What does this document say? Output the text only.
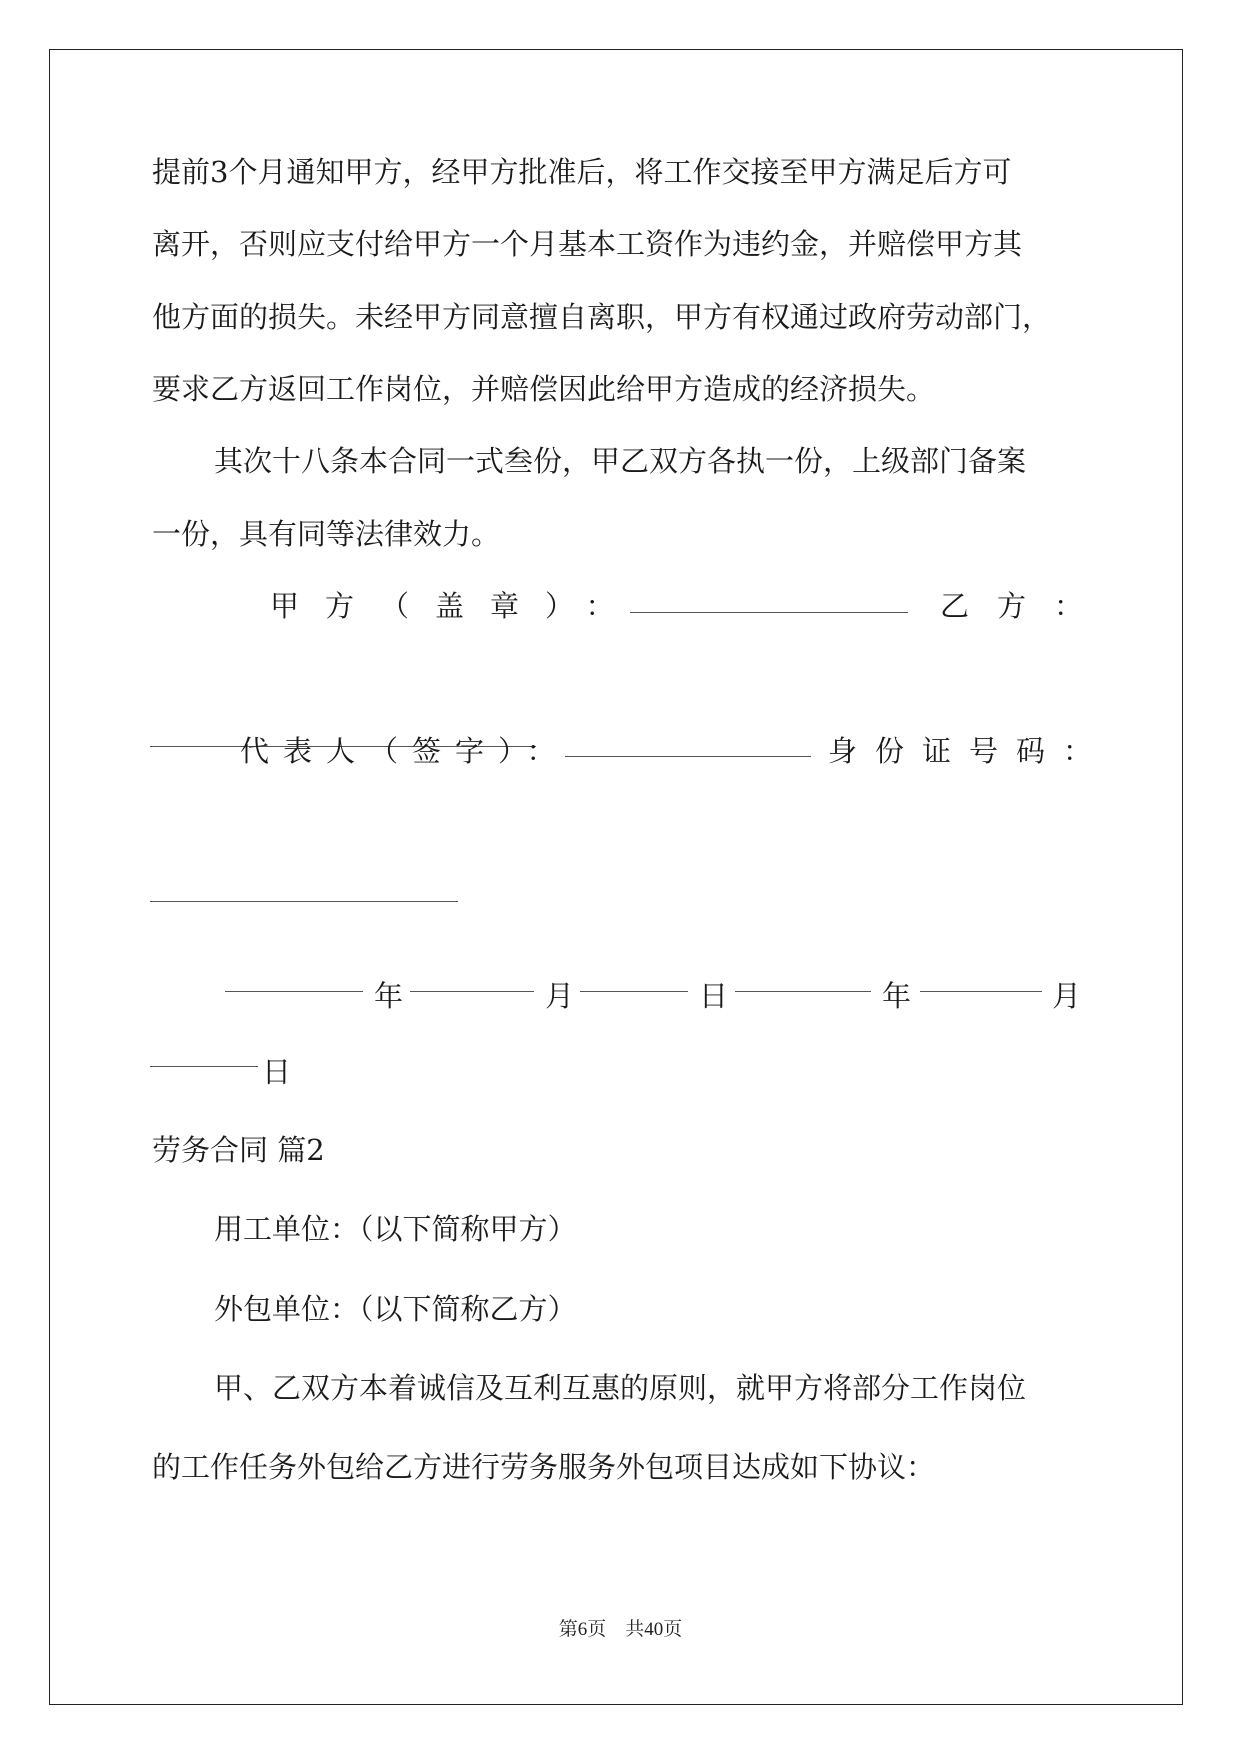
提前3个月通知甲方，经甲方批准后，将工作交接至甲方满足后方可
离开，否则应支付给甲方一个月基本工资作为违约金，并赔偿甲方其
他方面的损失。未经甲方同意擅自离职，甲方有权通过政府劳动部门，
要求乙方返回工作岗位，并赔偿因此给甲方造成的经济损失。
其次十八条本合同一式叁份，甲乙双方各执一份，上级部门备案
一份，具有同等法律效力。
甲方（盖章）：	乙方：
代表人（签字）：	身份证号码：
年	月	日	年	月
日
劳务合同 篇2
用工单位：（以下简称甲方）
外包单位：（以下简称乙方）
甲、乙双方本着诚信及互利互惠的原则，就甲方将部分工作岗位
的工作任务外包给乙方进行劳务服务外包项目达成如下协议：
第6页　共40页
